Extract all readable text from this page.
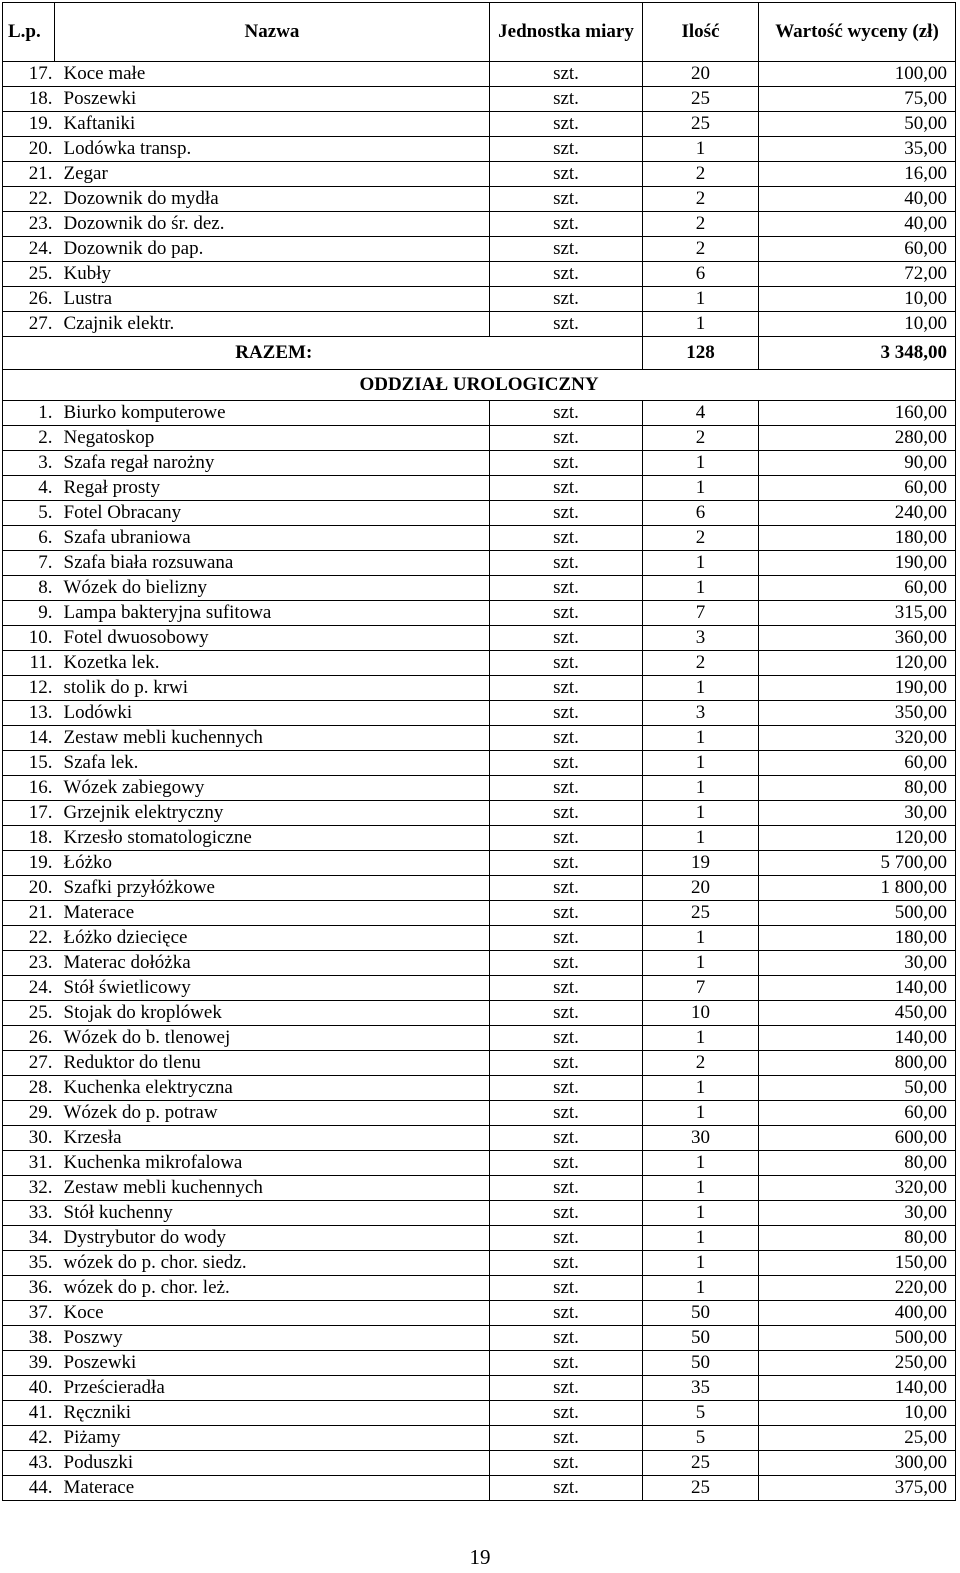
L.p.	Nazwa	Jednostka miary	Ilość	Wartość wyceny (zł)
17.	Koce małe	szt.	20	100,00
18.	Poszewki	szt.	25	75,00
19.	Kaftaniki	szt.	25	50,00
20.	Lodówka transp.	szt.	1	35,00
21.	Zegar	szt.	2	16,00
22.	Dozownik do mydła	szt.	2	40,00
23.	Dozownik do śr. dez.	szt.	2	40,00
24.	Dozownik do pap.	szt.	2	60,00
25.	Kubły	szt.	6	72,00
26.	Lustra	szt.	1	10,00
27.	Czajnik elektr.	szt.	1	10,00
RAZEM:			128	3 348,00
ODDZIAŁ UROLOGICZNY				
1.	Biurko komputerowe	szt.	4	160,00
2.	Negatoskop	szt.	2	280,00
3.	Szafa regał narożny	szt.	1	90,00
4.	Regał prosty	szt.	1	60,00
5.	Fotel Obracany	szt.	6	240,00
6.	Szafa ubraniowa	szt.	2	180,00
7.	Szafa biała rozsuwana	szt.	1	190,00
8.	Wózek do bielizny	szt.	1	60,00
9.	Lampa bakteryjna sufitowa	szt.	7	315,00
10.	Fotel dwuosobowy	szt.	3	360,00
11.	Kozetka lek.	szt.	2	120,00
12.	stolik do p. krwi	szt.	1	190,00
13.	Lodówki	szt.	3	350,00
14.	Zestaw mebli kuchennych	szt.	1	320,00
15.	Szafa lek.	szt.	1	60,00
16.	Wózek zabiegowy	szt.	1	80,00
17.	Grzejnik elektryczny	szt.	1	30,00
18.	Krzesło stomatologiczne	szt.	1	120,00
19.	Łóżko	szt.	19	5 700,00
20.	Szafki przyłóżkowe	szt.	20	1 800,00
21.	Materace	szt.	25	500,00
22.	Łóżko dziecięce	szt.	1	180,00
23.	Materac dołóżka	szt.	1	30,00
24.	Stół świetlicowy	szt.	7	140,00
25.	Stojak do kroplówek	szt.	10	450,00
26.	Wózek do b. tlenowej	szt.	1	140,00
27.	Reduktor do tlenu	szt.	2	800,00
28.	Kuchenka elektryczna	szt.	1	50,00
29.	Wózek do p. potraw	szt.	1	60,00
30.	Krzesła	szt.	30	600,00
31.	Kuchenka mikrofalowa	szt.	1	80,00
32.	Zestaw mebli kuchennych	szt.	1	320,00
33.	Stół kuchenny	szt.	1	30,00
34.	Dystrybutor do wody	szt.	1	80,00
35.	wózek do p. chor. siedz.	szt.	1	150,00
36.	wózek do p. chor. leż.	szt.	1	220,00
37.	Koce	szt.	50	400,00
38.	Poszwy	szt.	50	500,00
39.	Poszewki	szt.	50	250,00
40.	Prześcieradła	szt.	35	140,00
41.	Ręczniki	szt.	5	10,00
42.	Piżamy	szt.	5	25,00
43.	Poduszki	szt.	25	300,00
44.	Materace	szt.	25	375,00
19
